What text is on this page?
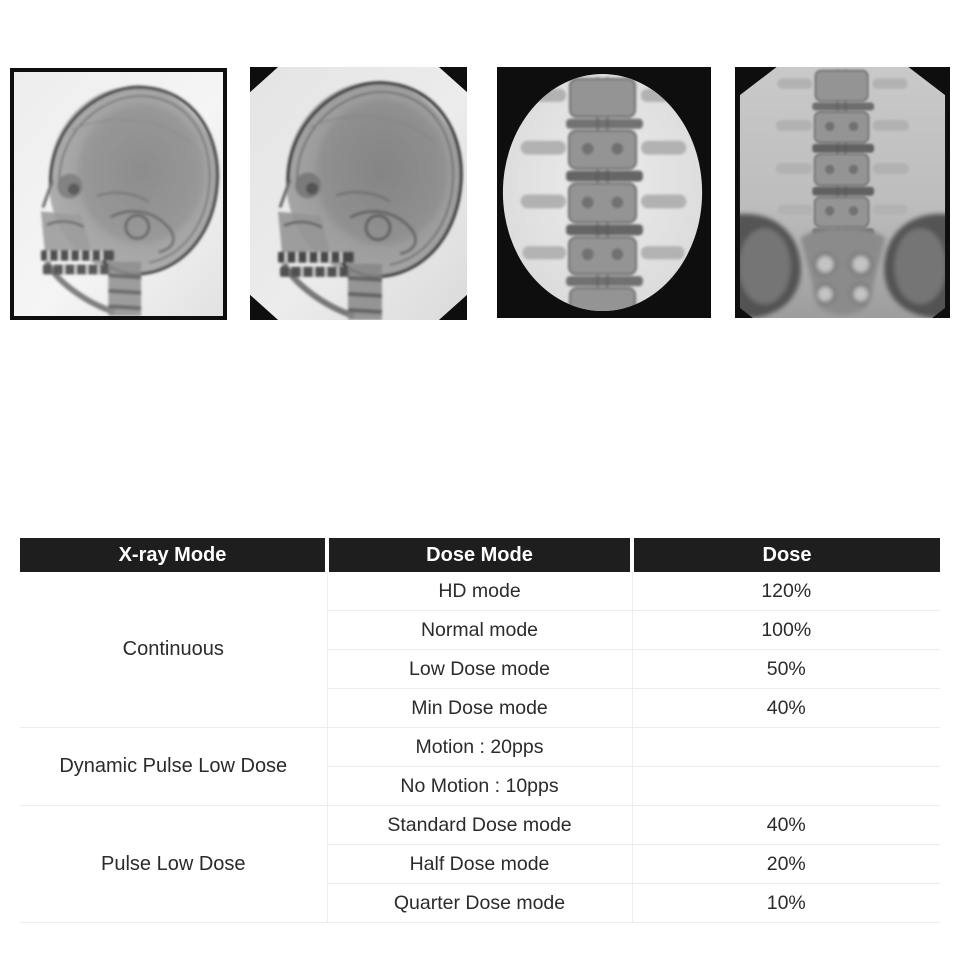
X-ray Mode	Dose Mode	Dose
Continuous	HD mode	120%
	Normal mode	100%
	Low Dose mode	50%
	Min Dose mode	40%
Dynamic Pulse Low Dose	Motion : 20pps	
	No Motion : 10pps	
Pulse Low Dose	Standard Dose mode	40%
	Half Dose mode	20%
	Quarter Dose mode	10%
